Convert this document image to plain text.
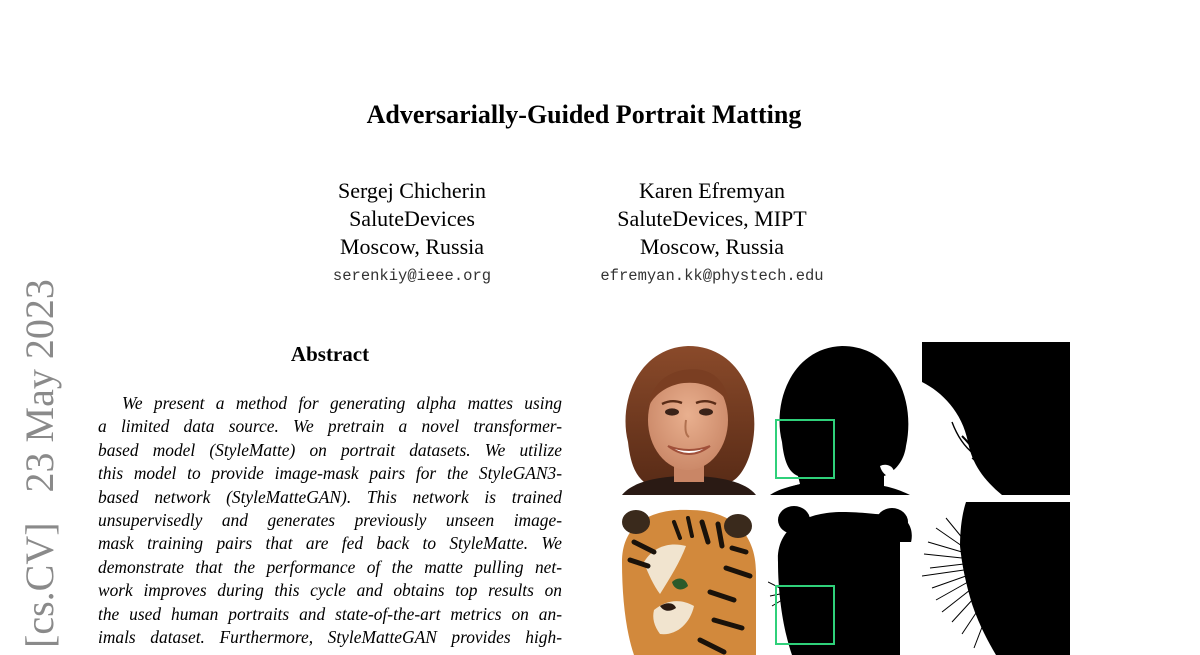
Adversarially-Guided Portrait Matting
Sergej Chicherin
SaluteDevices
Moscow, Russia
serenkiy@ieee.org
Karen Efremyan
SaluteDevices, MIPT
Moscow, Russia
efremyan.kk@phystech.edu
[cs.CV]   23 May 2023	Abstract
We present a method for generating alpha mattes using
a limited data source. We pretrain a novel transformer-
based model (StyleMatte) on portrait datasets. We utilize
this model to provide image-mask pairs for the StyleGAN3-
based network (StyleMatteGAN). This network is trained
unsupervisedly and generates previously unseen image-
mask training pairs that are fed back to StyleMatte. We
demonstrate that the performance of the matte pulling net-
work improves during this cycle and obtains top results on
the used human portraits and state-of-the-art metrics on an-
imals dataset. Furthermore, StyleMatteGAN provides high-
